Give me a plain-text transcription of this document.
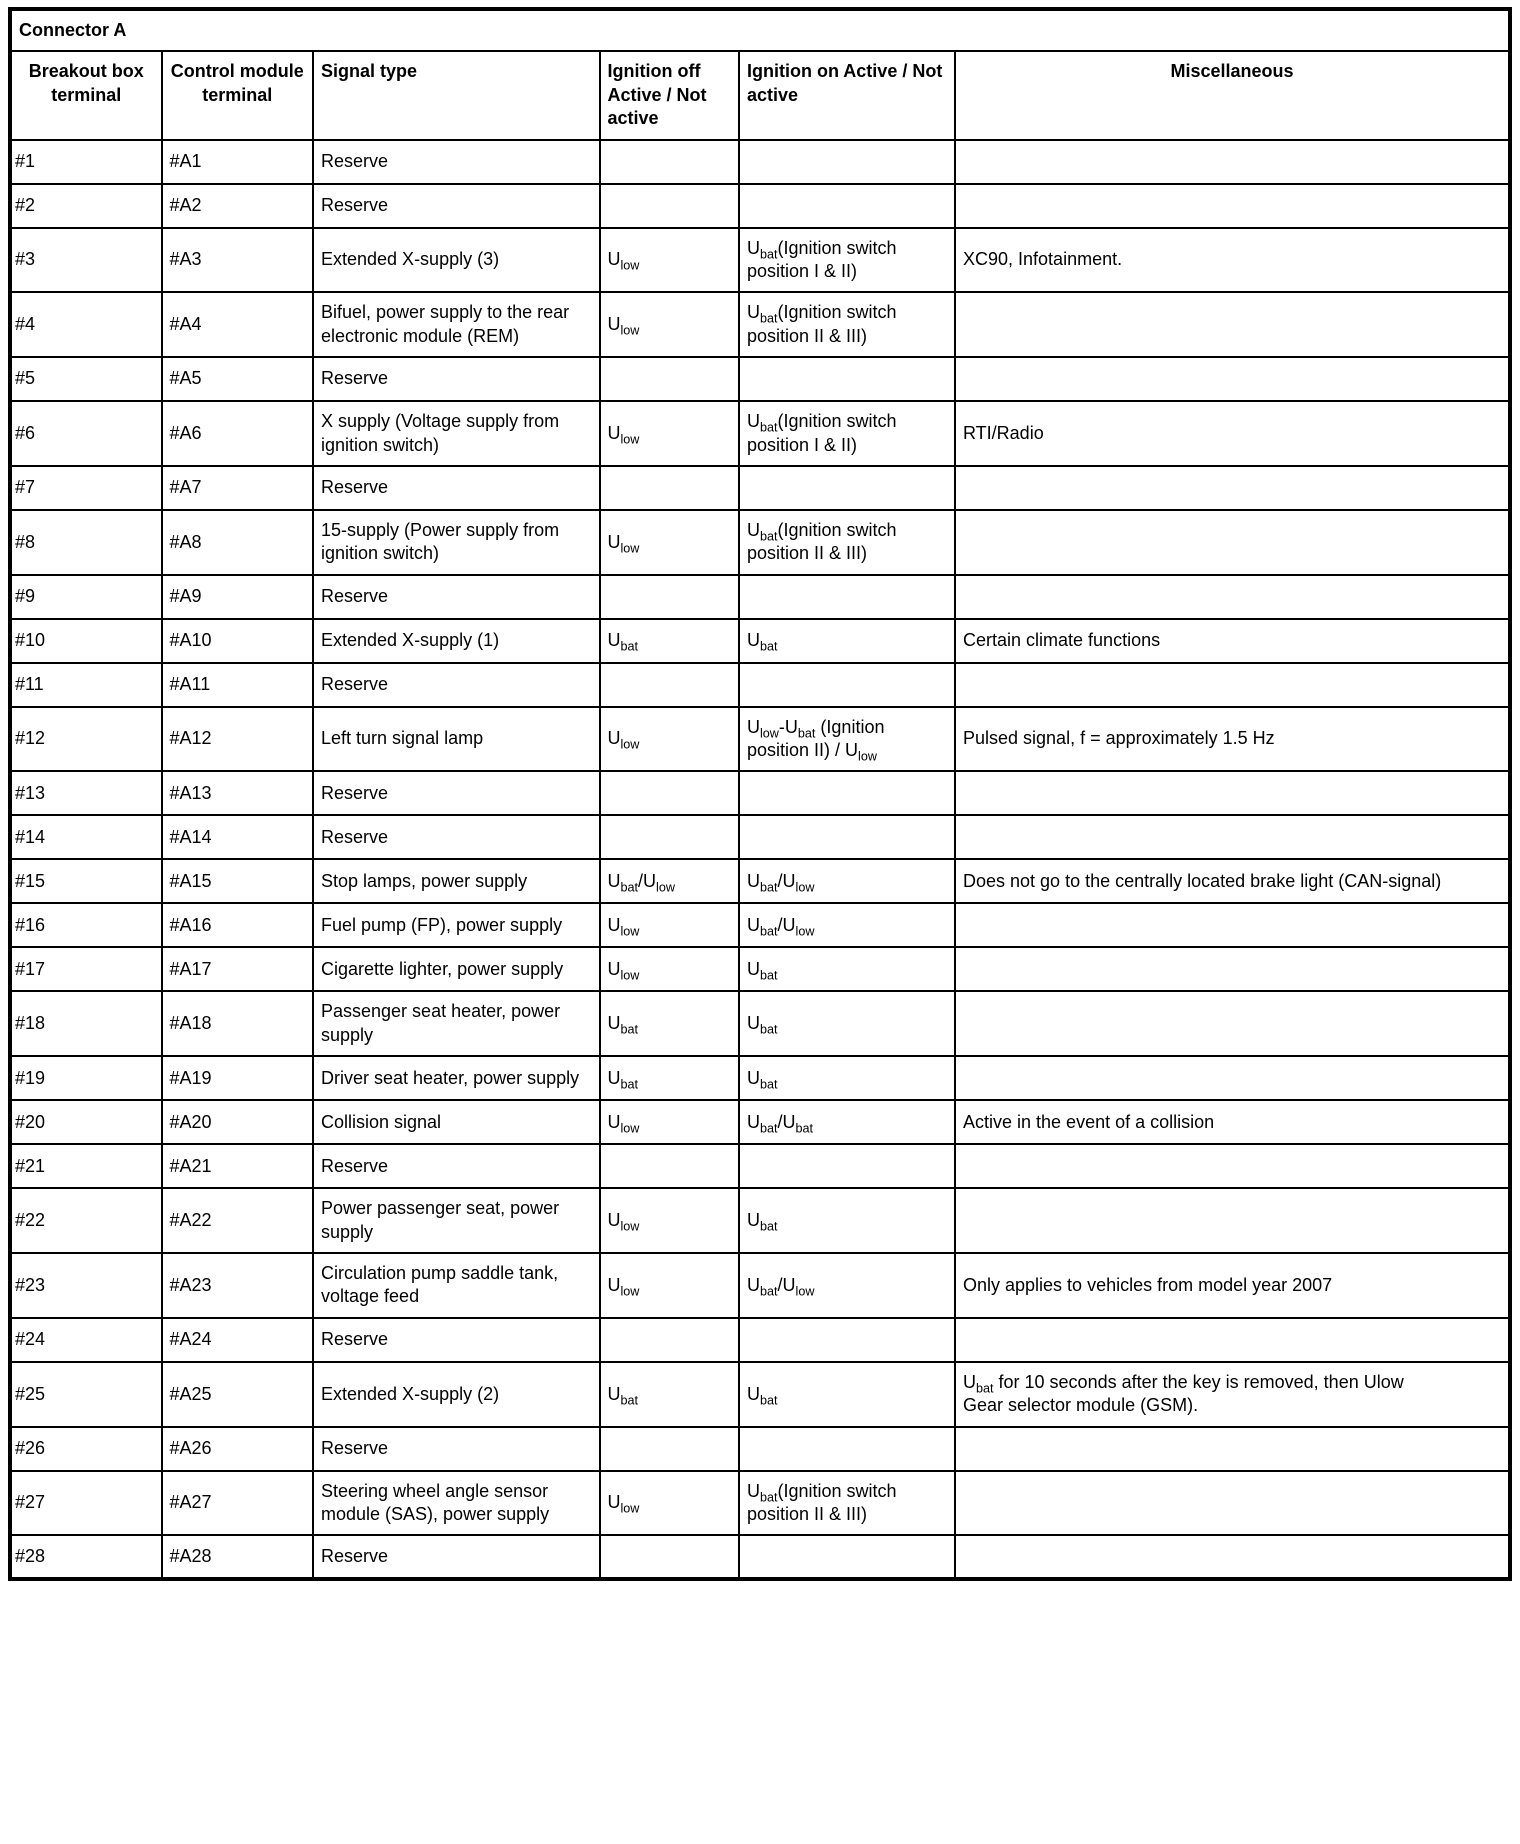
Connector A					
Breakout box terminal	Control module terminal	Signal type	Ignition off Active / Not active	Ignition on Active / Not active	Miscellaneous
#1	#A1	Reserve			
#2	#A2	Reserve			
#3	#A3	Extended X-supply (3)	$U_{low}$	$U_{bat}(Ignition$ switch position I & II)	XC90, Infotainment.
#4	#A4	Bifuel, power supply to the rear electronic module (REM)	$U_{low}$	$U_{bat}(Ignition$ switch position II & III)	
#5	#A5	Reserve			
#6	#A6	X supply (Voltage supply from ignition switch)	$U_{low}$	$U_{bat}(Ignition$ switch position I & II)	RTI/Radio
#7	#A7	Reserve			
#8	#A8	15-supply (Power supply from ignition switch)	$U_{low}$	$U_{bat}(Ignition$ switch position II & III)	
#9	#A9	Reserve			
#10	#A10	Extended X-supply (1)	$U_{bat}$	$U_{bat}$	Certain climate functions
#11	#A11	Reserve			
#12	#A12	Left turn signal lamp	$U_{low}$	$U_{low}-U_{bat}$ (Ignition position $II) / U_{low}$	Pulsed signal, f = approximately 1.5 Hz
#13	#A13	Reserve			
#14	#A14	Reserve			
#15	#A15	Stop lamps, power supply	$U_{bat}/U_{low}$	$U_{bat}/U_{low}$	Does not go to the centrally located brake light (CAN-signal)
#16	#A16	Fuel pump (FP), power supply	$U_{low}$	$U_{bat}/U_{low}$	
#17	#A17	Cigarette lighter, power supply	$U_{low}$	$U_{bat}$	
#18	#A18	Passenger seat heater, power supply	$U_{bat}$	$U_{bat}$	
#19	#A19	Driver seat heater, power supply	$U_{bat}$	$U_{bat}$	
#20	#A20	Collision signal	$U_{low}$	$U_{bat}/U_{bat}$	Active in the event of a collision
#21	#A21	Reserve			
#22	#A22	Power passenger seat, power supply	$U_{low}$	$U_{bat}$	
#23	#A23	Circulation pump saddle tank, voltage feed	$U_{low}$	$U_{bat}/U_{low}$	Only applies to vehicles from model year 2007
#24	#A24	Reserve			
#25	#A25	Extended X-supply (2)	$U_{bat}$	$U_{bat}$	$U_{bat}$ for 10 seconds after the key is removed, then Ulow
Gear selector module (GSM).
#26	#A26	Reserve			
#27	#A27	Steering wheel angle sensor module (SAS), power supply	$U_{low}$	$U_{bat}(Ignition$ switch position II & III)	
#28	#A28	Reserve			
